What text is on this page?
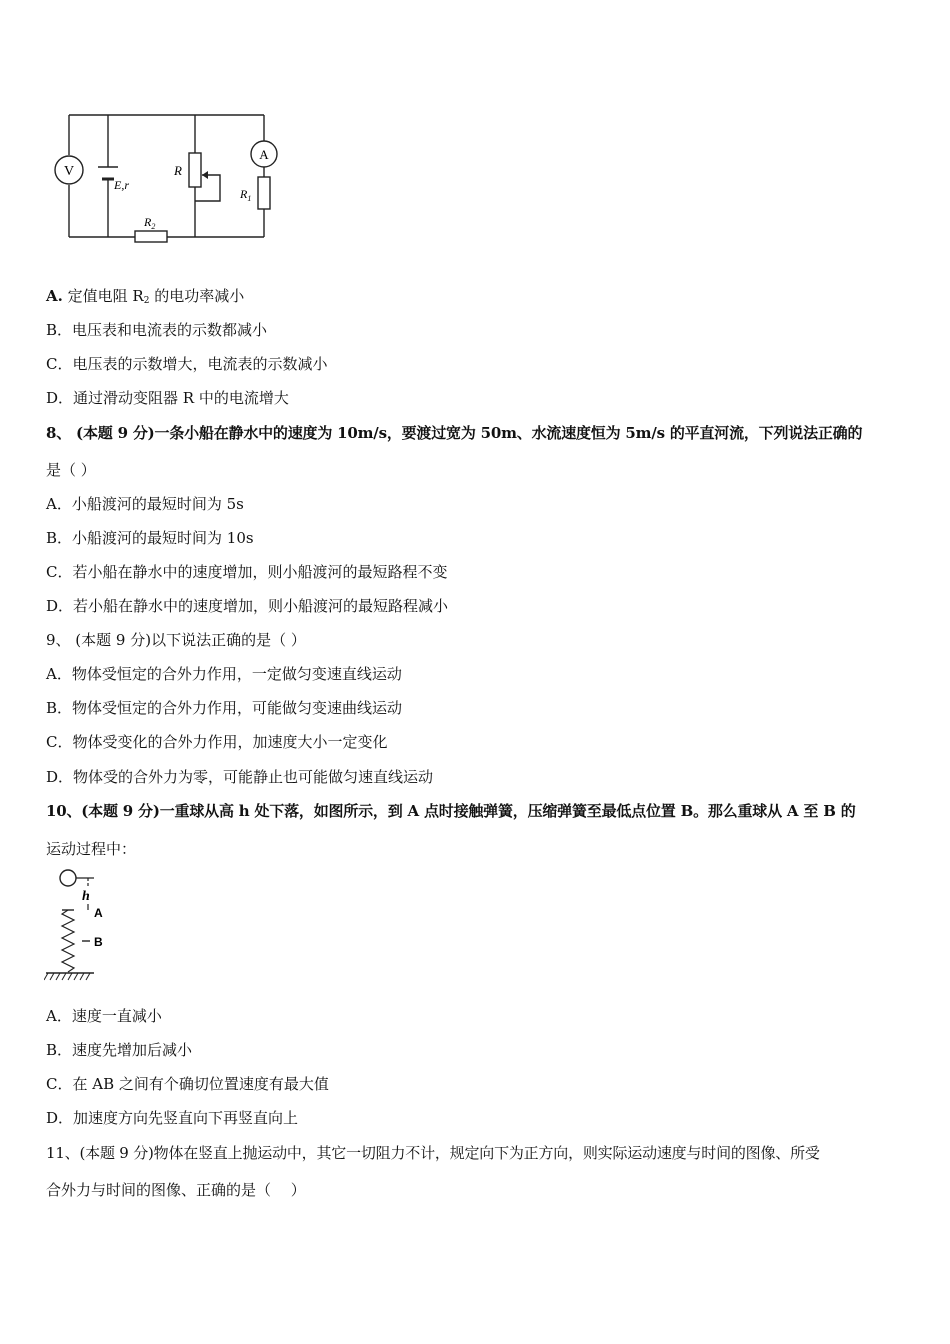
V
A
E,r
R
$R_1$
$R_2$
A. 定值电阻 $R_2$ 的电功率减小
B．电压表和电流表的示数都减小
C．电压表的示数增大，电流表的示数减小
D．通过滑动变阻器 R 中的电流增大
8、 (本题 9 分)一条小船在静水中的速度为 10m/s，要渡过宽为 50m、水流速度恒为 5m/s 的平直河流，下列说法正确的
是（ ）
A．小船渡河的最短时间为 5s
B．小船渡河的最短时间为 10s
C．若小船在静水中的速度增加，则小船渡河的最短路程不变
D．若小船在静水中的速度增加，则小船渡河的最短路程减小
9、 (本题 9 分)以下说法正确的是（ ）
A．物体受恒定的合外力作用，一定做匀变速直线运动
B．物体受恒定的合外力作用，可能做匀变速曲线运动
C．物体受变化的合外力作用，加速度大小一定变化
D．物体受的合外力为零，可能静止也可能做匀速直线运动
10、(本题 9 分)一重球从高 h 处下落，如图所示，到 A 点时接触弹簧，压缩弹簧至最低点位置 B。那么重球从 A 至 B 的
运动过程中：
h
A
B
A．速度一直减小
B．速度先增加后减小
C．在 AB 之间有个确切位置速度有最大值
D．加速度方向先竖直向下再竖直向上
11、(本题 9 分)物体在竖直上抛运动中，其它一切阻力不计，规定向下为正方向，则实际运动速度与时间的图像、所受
合外力与时间的图像、正确的是（　 ）
